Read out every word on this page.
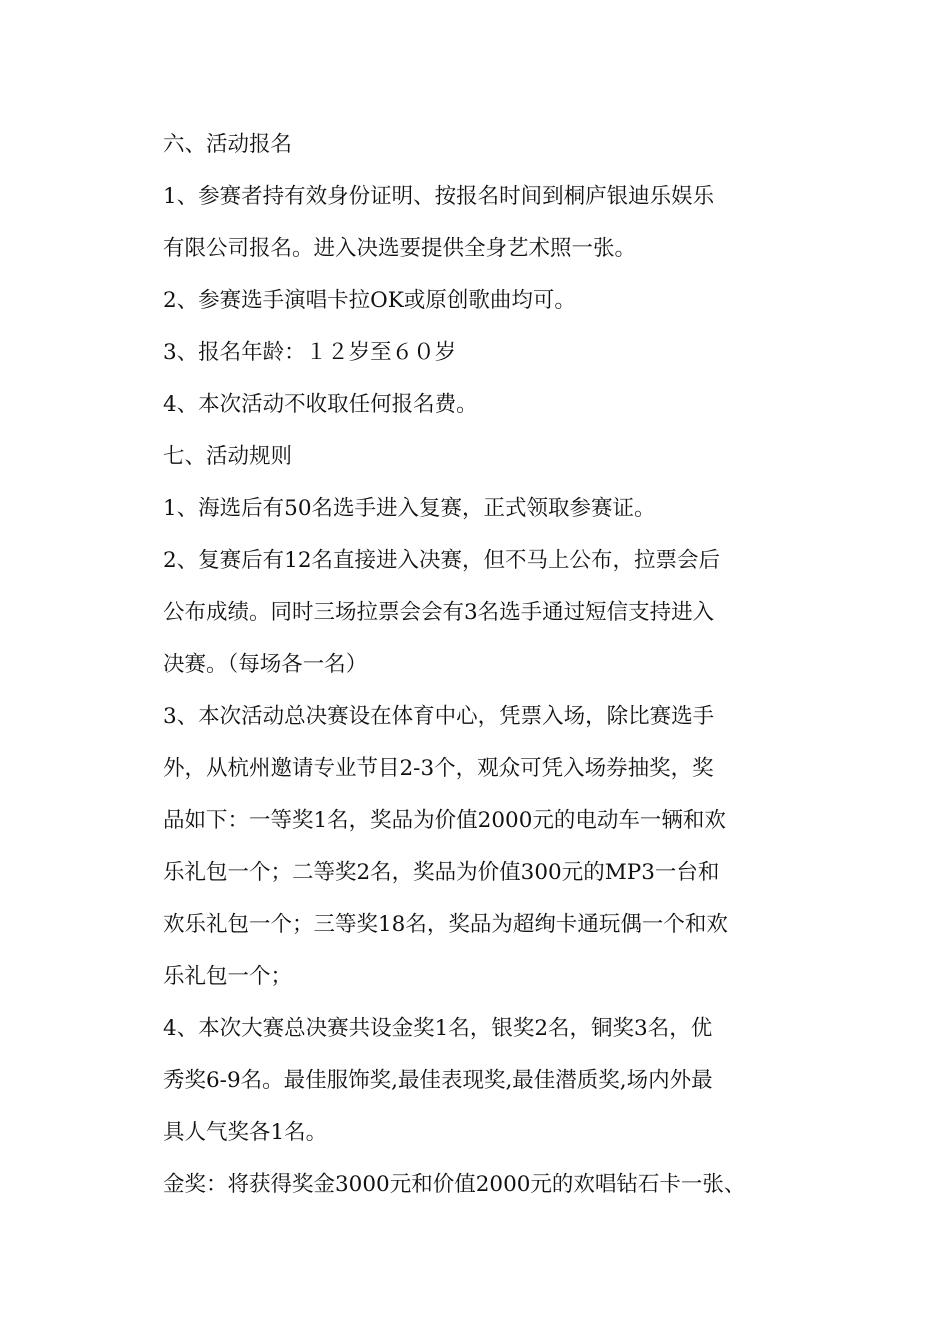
六、活动报名
1、参赛者持有效身份证明、按报名时间到桐庐银迪乐娱乐
有限公司报名。进入决选要提供全身艺术照一张。
2、参赛选手演唱卡拉OK或原创歌曲均可。
3、报名年龄：１２岁至６０岁
4、本次活动不收取任何报名费。
七、活动规则
1、海选后有50名选手进入复赛，正式领取参赛证。
2、复赛后有12名直接进入决赛，但不马上公布，拉票会后
公布成绩。同时三场拉票会会有3名选手通过短信支持进入
决赛。（每场各一名）
3、本次活动总决赛设在体育中心，凭票入场，除比赛选手
外，从杭州邀请专业节目2-3个，观众可凭入场券抽奖，奖
品如下：一等奖1名，奖品为价值2000元的电动车一辆和欢
乐礼包一个；二等奖2名，奖品为价值300元的MP3一台和
欢乐礼包一个；三等奖18名，奖品为超绚卡通玩偶一个和欢
乐礼包一个；
4、本次大赛总决赛共设金奖1名，银奖2名，铜奖3名，优
秀奖6-9名。最佳服饰奖,最佳表现奖,最佳潜质奖,场内外最
具人气奖各1名。
金奖：将获得奖金3000元和价值2000元的欢唱钻石卡一张、
